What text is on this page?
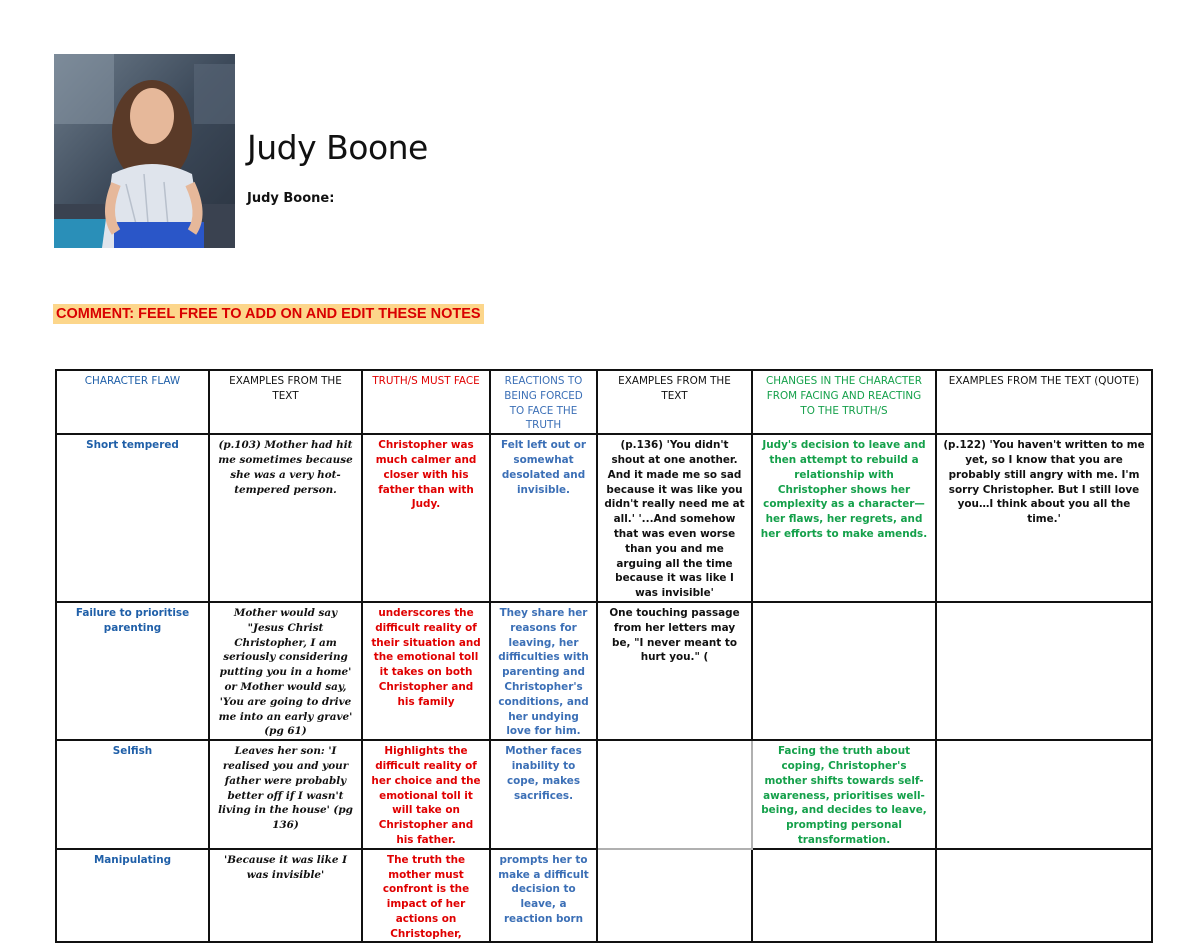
Judy Boone
Judy Boone:
COMMENT: FEEL FREE TO ADD ON AND EDIT THESE NOTES
CHARACTER FLAW	EXAMPLES FROM THE TEXT	TRUTH/S MUST FACE	REACTIONS TO BEING FORCED TO FACE THE TRUTH	EXAMPLES FROM THE TEXT	CHANGES IN THE CHARACTER FROM FACING AND REACTING TO THE TRUTH/S	EXAMPLES FROM THE TEXT (QUOTE)
Short tempered	(p.103) Mother had hit me sometimes because she was a very hot-tempered person.	Christopher was much calmer and closer with his father than with Judy.	Felt left out or somewhat desolated and invisible.	(p.136) 'You didn't shout at one another. And it made me so sad because it was like you didn't really need me at all.' '...And somehow that was even worse than you and me arguing all the time because it was like I was invisible'	Judy's decision to leave and then attempt to rebuild a relationship with Christopher shows her complexity as a character—her flaws, her regrets, and her efforts to make amends.	(p.122) 'You haven't written to me yet, so I know that you are probably still angry with me. I'm sorry Christopher. But I still love you…I think about you all the time.'
Failure to prioritise parenting	Mother would say "Jesus Christ Christopher, I am seriously considering putting you in a home' or Mother would say, 'You are going to drive me into an early grave' (pg 61)	underscores the difficult reality of their situation and the emotional toll it takes on both Christopher and his family	They share her reasons for leaving, her difficulties with parenting and Christopher's conditions, and her undying love for him.	One touching passage from her letters may be, "I never meant to hurt you." (		
Selfish	Leaves her son: 'I realised you and your father were probably better off if I wasn't living in the house' (pg 136)	Highlights the difficult reality of her choice and the emotional toll it will take on Christopher and his father.	Mother faces inability to cope, makes sacrifices.		Facing the truth about coping, Christopher's mother shifts towards self-awareness, prioritises well-being, and decides to leave, prompting personal transformation.	
Manipulating	'Because it was like I was invisible'	The truth the mother must confront is the impact of her actions on Christopher,	prompts her to make a difficult decision to leave, a reaction born			
